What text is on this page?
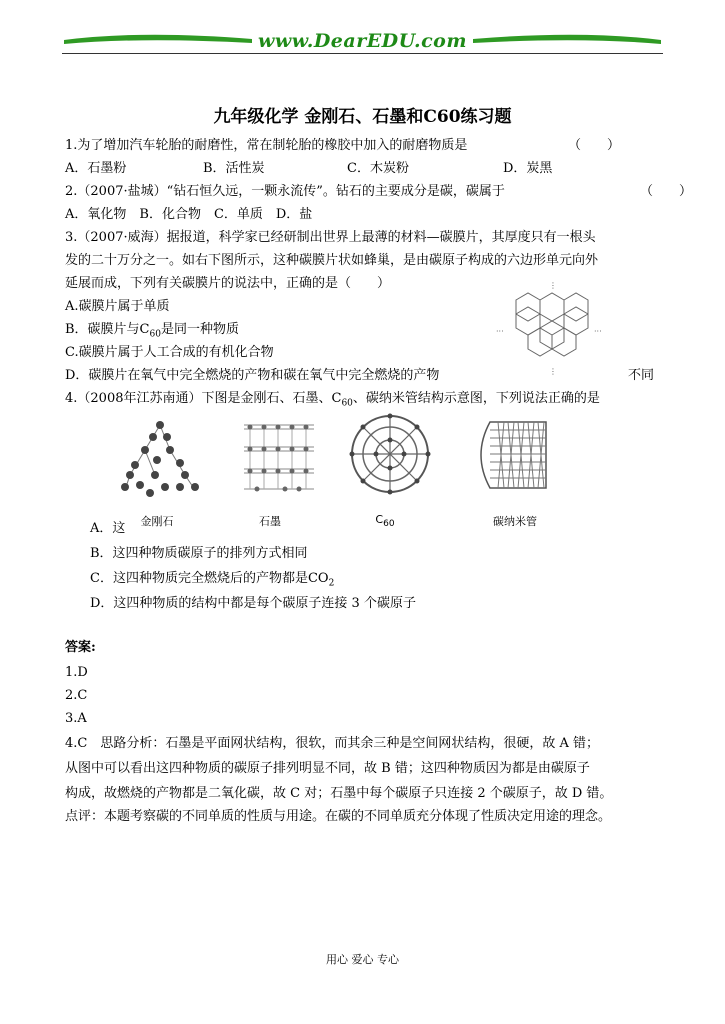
www.DearEDU.com
九年级化学 金刚石、石墨和C60练习题
1.为了增加汽车轮胎的耐磨性，常在制轮胎的橡胶中加入的耐磨物质是	（　　）
A．石墨粉	B．活性炭	C．木炭粉	D．炭黑
2.（2007·盐城）“钻石恒久远，一颗永流传”。钻石的主要成分是碳，碳属于	（　　）
A．氧化物　B．化合物　C．单质　D．盐
3.（2007·威海）据报道，科学家已经研制出世界上最薄的材料—碳膜片，其厚度只有一根头
发的二十万分之一。如右下图所示，这种碳膜片状如蜂巢，是由碳原子构成的六边形单元向外
延展而成，下列有关碳膜片的说法中，正确的是（　　）
A.碳膜片属于单质
B．碳膜片与$C_{60}$是同一种物质
C.碳膜片属于人工合成的有机化合物
D．碳膜片在氧气中完全燃烧的产物和碳在氧气中完全燃烧的产物	不同
⋮
⋮
···	···
4.（2008年江苏南通）下图是金刚石、石墨、$C_{60}$、碳纳米管结构示意图，下列说法正确的是
金刚石	石墨	$C_{60}$	碳纳米管
A．这
B．这四种物质碳原子的排列方式相同
C．这四种物质完全燃烧后的产物都是$CO_2$
D．这四种物质的结构中都是每个碳原子连接 3 个碳原子
答案:
1.D
2.C
3.A
4.C　思路分析：石墨是平面网状结构，很软，而其余三种是空间网状结构，很硬，故 A 错；
从图中可以看出这四种物质的碳原子排列明显不同，故 B 错；这四种物质因为都是由碳原子
构成，故燃烧的产物都是二氧化碳，故 C 对；石墨中每个碳原子只连接 2 个碳原子，故 D 错。
点评：本题考察碳的不同单质的性质与用途。在碳的不同单质充分体现了性质决定用途的理念。
用心 爱心 专心
